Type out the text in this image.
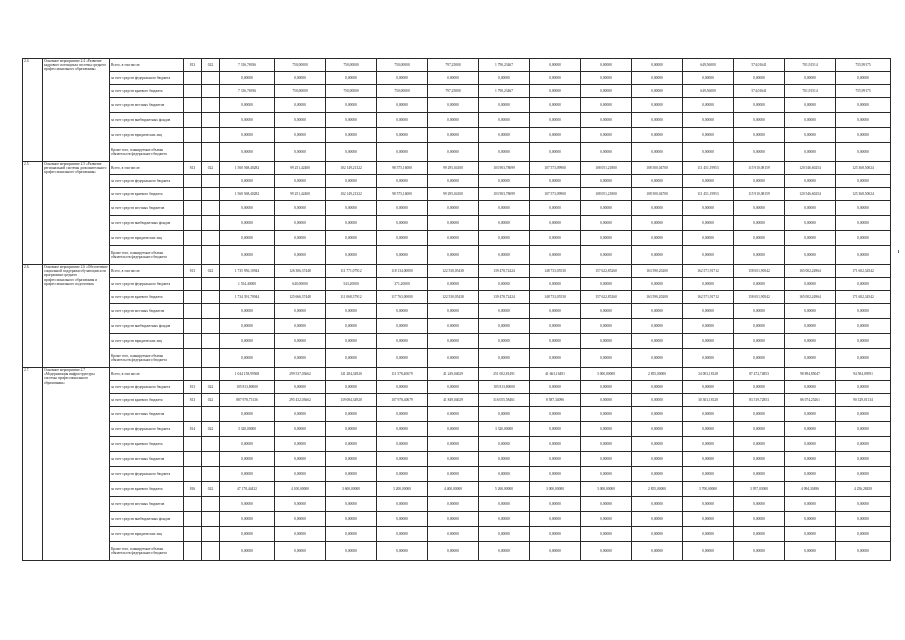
2.4.	Основное мероприятие 2.4 «Развитие кадрового потенциала системы среднего профессионального образования»	Всего, в том числе:	813	022	7 316,76936	750,00000	750,00000	750,00000	797,25000	1 790,23467	0,00000	0,00000	0,00000	649,56000	574,01641	701,91514	755,99175
		за счет средств федерального бюджета			0,00000	0,00000	0,00000	0,00000	0,00000	0,00000	0,00000	0,00000	0,00000	0,00000	0,00000	0,00000	0,00000
		за счет средств краевого бюджета			7 316,76936	750,00000	750,00000	750,00000	797,25000	1 790,23467	0,00000	0,00000	0,00000	649,56000	574,01641	701,91514	755,99175
		за счет средств местных бюджетов			0,00000	0,00000	0,00000	0,00000	0,00000	0,00000	0,00000	0,00000	0,00000	0,00000	0,00000	0,00000	0,00000
		за счет средств внебюджетных фондов			0,00000	0,00000	0,00000	0,00000	0,00000	0,00000	0,00000	0,00000	0,00000	0,00000	0,00000	0,00000	0,00000
		за счет средств юридических лиц			0,00000	0,00000	0,00000	0,00000	0,00000	0,00000	0,00000	0,00000	0,00000	0,00000	0,00000	0,00000	0,00000
		Кроме того, планируемые объемы обязательств федерального бюджета			0,00000	0,00000	0,00000	0,00000	0,00000	0,00000	0,00000	0,00000	0,00000	0,00000	0,00000	0,00000	0,00000
2.5.	Основное мероприятие 2.5 «Развитие региональной системы дополнительного профессионального образования»	Всего, в том числе:	813	022	1 560 568,40282	99 251,42400	102 149,21322	98 575,16000	99 295,04100	103 903,78699	107 573,09900	108 051,21800	108 500,04700	111 451,19953	115 910,08159	120 546,60254	125 368,50024
		за счет средств федерального бюджета			0,00000	0,00000	0,00000	0,00000	0,00000	0,00000	0,00000	0,00000	0,00000	0,00000	0,00000	0,00000	0,00000
		за счет средств краевого бюджета			1 560 568,40282	99 251,42400	102 149,21322	98 575,16000	99 295,04100	103 903,78699	107 573,09900	108 051,21800	108 500,04700	111 451,19953	115 910,08159	120 546,60254	125 368,50024
		за счет средств местных бюджетов			0,00000	0,00000	0,00000	0,00000	0,00000	0,00000	0,00000	0,00000	0,00000	0,00000	0,00000	0,00000	0,00000
		за счет средств внебюджетных фондов			0,00000	0,00000	0,00000	0,00000	0,00000	0,00000	0,00000	0,00000	0,00000	0,00000	0,00000	0,00000	0,00000
		за счет средств юридических лиц			0,00000	0,00000	0,00000	0,00000	0,00000	0,00000	0,00000	0,00000	0,00000	0,00000	0,00000	0,00000	0,00000
		Кроме того, планируемые объемы обязательств федерального бюджета			0,00000	0,00000	0,00000	0,00000	0,00000	0,00000	0,00000	0,00000	0,00000	0,00000	0,00000	0,00000	0,00000
2.6.	Основное мероприятие 2.6 «Обеспечение социальной поддержки обучающихся по программам среднего профессионального образования и профессионального подготовки»	Всего, в том числе:	813	022	1 735 956,10944	126 306,37448	111 771,07912	118 134,00000	122 530,05438	139 478,72424	148 733,05530	157 622,85260	163 590,20200	162 571,91712	158 651,90542	165 002,24964	171 602,34542
		за счет средств федерального бюджета			1 554,40000	640,00000	543,20000	371,20000	0,00000	0,00000	0,00000	0,00000	0,00000	0,00000	0,00000	0,00000	0,00000
		за счет средств краевого бюджета			1 734 391,70944	125 666,37448	111 068,37912	117 763,00000	122 530,05438	139 478,72424	148 733,05530	157 622,85260	163 590,20200	162 571,91712	158 651,90542	165 002,24964	171 602,34542
		за счет средств местных бюджетов			0,00000	0,00000	0,00000	0,00000	0,00000	0,00000	0,00000	0,00000	0,00000	0,00000	0,00000	0,00000	0,00000
		за счет средств внебюджетных фондов			0,00000	0,00000	0,00000	0,00000	0,00000	0,00000	0,00000	0,00000	0,00000	0,00000	0,00000	0,00000	0,00000
		за счет средств юридических лиц			0,00000	0,00000	0,00000	0,00000	0,00000	0,00000	0,00000	0,00000	0,00000	0,00000	0,00000	0,00000	0,00000
		Кроме того, планируемые объемы обязательств федерального бюджета			0,00000	0,00000	0,00000	0,00000	0,00000	0,00000	0,00000	0,00000	0,00000	0,00000	0,00000	0,00000	0,00000
2.7.	Основное мероприятие 2.7 «Модернизация инфраструктуры системы профессионального образования»	Всего, в том числе:			1 044 158,99568	299 537,03662	141 284,34920	111 578,40679	41 249,04029	251 002,81491	41 663,16491	3 000,00000	2 855,00000	34 003,18128	87 472,74853	98 894,85047	94 584,09591
		за счет средств федерального бюджета	813	022	105 813,80000	0,00000	0,00000	0,00000	0,00000	105 813,80000	0,00000	0,00000	0,00000	0,00000	0,00000	0,00000	0,00000
		за счет средств краевого бюджета	813	022	887 978,75136	295 432,03662	139 084,34920	107 978,40679	41 849,04029	316 055,58461	8 587,34096	0,00000	0,00000	30 303,18128	83 519,72853	86 074,25261	90 329,01134
		за счет средств местных бюджетов			0,00000	0,00000	0,00000	0,00000	0,00000	0,00000	0,00000	0,00000	0,00000	0,00000	0,00000	0,00000	0,00000
		за счет средств федерального бюджета	814	022	3 320,00000	0,00000	0,00000	0,00000	0,00000	3 320,00000	0,00000	0,00000	0,00000	0,00000	0,00000	0,00000	0,00000
		за счет средств краевого бюджета			0,00000	0,00000	0,00000	0,00000	0,00000	0,00000	0,00000	0,00000	0,00000	0,00000	0,00000	0,00000	0,00000
		за счет средств местных бюджетов			0,00000	0,00000	0,00000	0,00000	0,00000	0,00000	0,00000	0,00000	0,00000	0,00000	0,00000	0,00000	0,00000
		за счет средств федерального бюджета			0,00000	0,00000	0,00000	0,00000	0,00000	0,00000	0,00000	0,00000	0,00000	0,00000	0,00000	0,00000	0,00000
		за счет средств краевого бюджета	816	022	47 178,44432	4 100,00000	3 600,00000	3 200,00000	4 400,00000	5 260,00000	3 000,00000	3 000,00000	2 855,00000	3 700,00000	3 957,03000	4 094,30496	4 256,28450
		за счет средств местных бюджетов			0,00000	0,00000	0,00000	0,00000	0,00000	0,00000	0,00000	0,00000	0,00000	0,00000	0,00000	0,00000	0,00000
		за счет средств внебюджетных фондов			0,00000	0,00000	0,00000	0,00000	0,00000	0,00000	0,00000	0,00000	0,00000	0,00000	0,00000	0,00000	0,00000
		за счет средств юридических лиц			0,00000	0,00000	0,00000	0,00000	0,00000	0,00000	0,00000	0,00000	0,00000	0,00000	0,00000	0,00000	0,00000
		Кроме того, планируемые объемы обязательств федерального бюджета			0,00000	0,00000	0,00000	0,00000	0,00000	0,00000	0,00000	0,00000	0,00000	0,00000	0,00000	0,00000	0,00000
